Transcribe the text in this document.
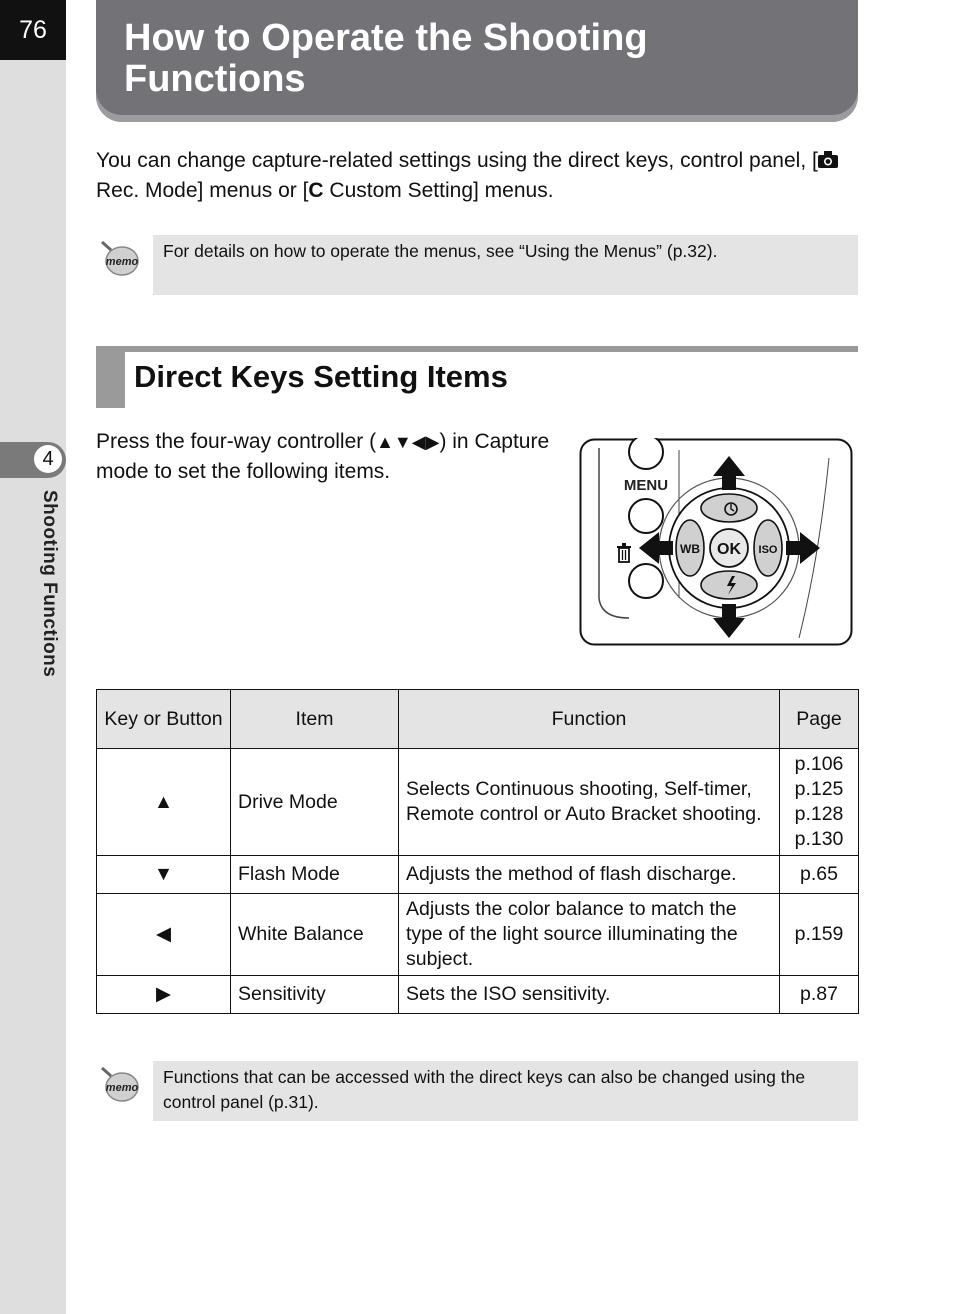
76
4
Shooting Functions
How to Operate the Shooting Functions
You can change capture-related settings using the direct keys, control panel, [ Rec. Mode] menus or [C Custom Setting] menus.
memo
For details on how to operate the menus, see “Using the Menus” (p.32).
Direct Keys Setting Items
Press the four-way controller (▲▼◀▶) in Capture mode to set the following items.
MENU
WB	ISO
OK
Key or Button	Item	Function	Page
▲	Drive Mode	Selects Continuous shooting, Self-timer, Remote control or Auto Bracket shooting.	p.106
p.125
p.128
p.130
▼	Flash Mode	Adjusts the method of flash discharge.	p.65
◀	White Balance	Adjusts the color balance to match the type of the light source illuminating the subject.	p.159
▶	Sensitivity	Sets the ISO sensitivity.	p.87
memo
Functions that can be accessed with the direct keys can also be changed using the control panel (p.31).
